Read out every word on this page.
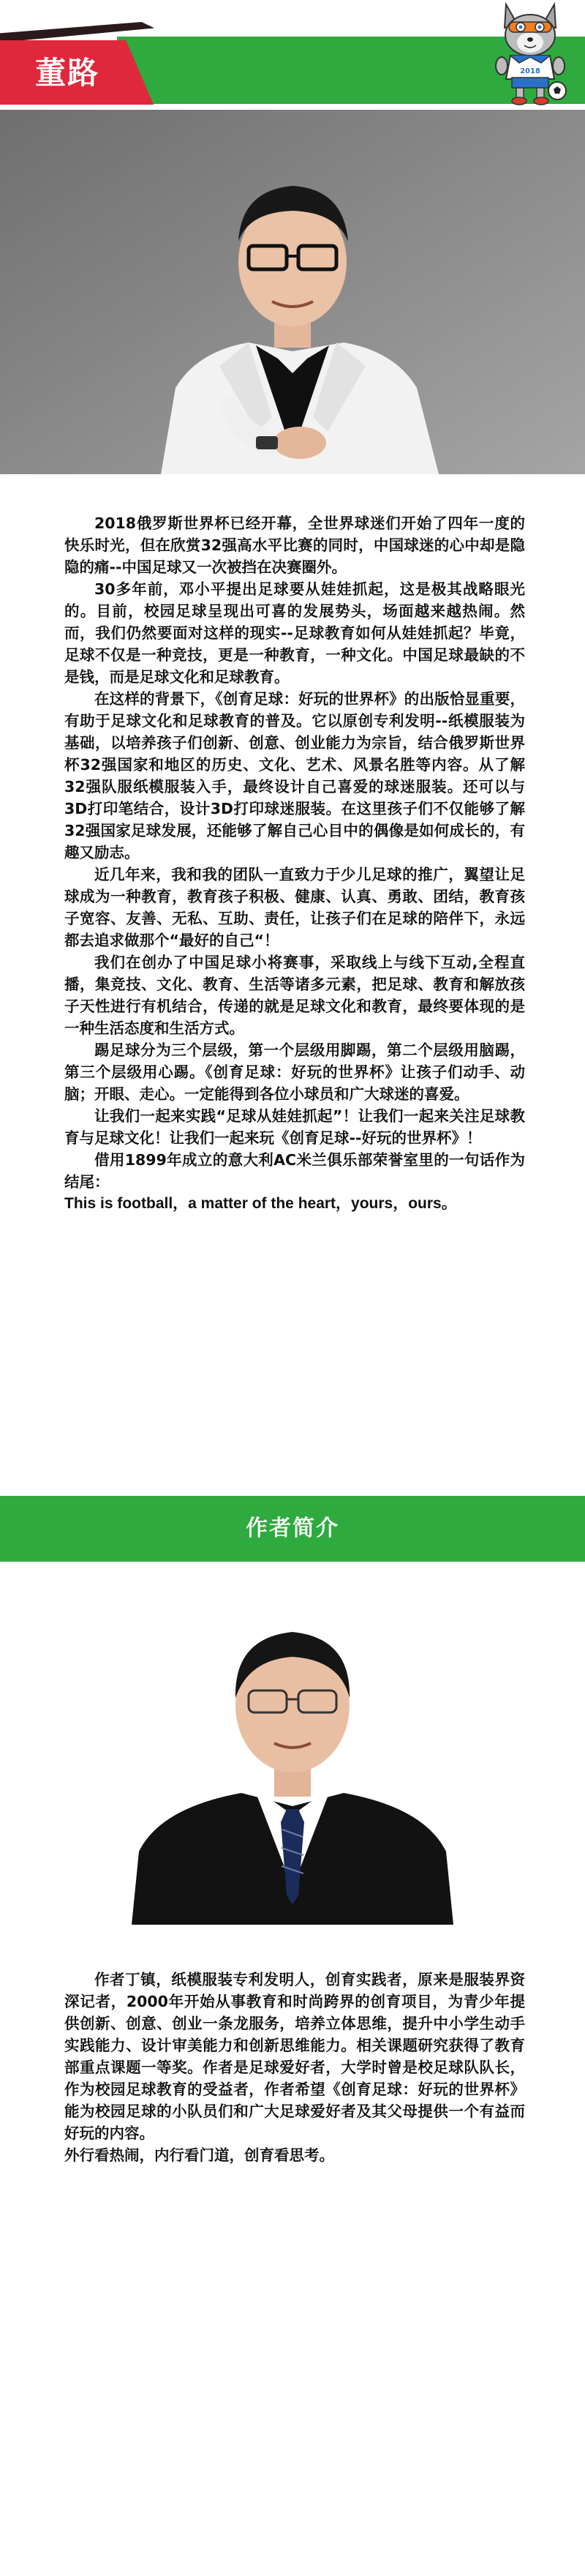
董路	2018

2018俄罗斯世界杯已经开幕，全世界球迷们开始了四年一度的快乐时光，但在欣赏32强高水平比赛的同时，中国球迷的心中却是隐隐的痛--中国足球又一次被挡在决赛圈外。

30多年前，邓小平提出足球要从娃娃抓起，这是极其战略眼光的。目前，校园足球呈现出可喜的发展势头，场面越来越热闹。然而，我们仍然要面对这样的现实--足球教育如何从娃娃抓起？毕竟，足球不仅是一种竞技，更是一种教育，一种文化。中国足球最缺的不是钱，而是足球文化和足球教育。

在这样的背景下，《创育足球：好玩的世界杯》的出版恰显重要，有助于足球文化和足球教育的普及。它以原创专利发明--纸模服装为基础，以培养孩子们创新、创意、创业能力为宗旨，结合俄罗斯世界杯32强国家和地区的历史、文化、艺术、风景名胜等内容。从了解32强队服纸模服装入手，最终设计自己喜爱的球迷服装。还可以与3D打印笔结合，设计3D打印球迷服装。在这里孩子们不仅能够了解32强国家足球发展，还能够了解自己心目中的偶像是如何成长的，有趣又励志。

近几年来，我和我的团队一直致力于少儿足球的推广，翼望让足球成为一种教育，教育孩子积极、健康、认真、勇敢、团结，教育孩子宽容、友善、无私、互助、责任，让孩子们在足球的陪伴下，永远都去追求做那个“最好的自己“！

我们在创办了中国足球小将赛事，采取线上与线下互动,全程直播，集竞技、文化、教育、生活等诸多元素，把足球、教育和解放孩子天性进行有机结合，传递的就是足球文化和教育，最终要体现的是一种生活态度和生活方式。

踢足球分为三个层级，第一个层级用脚踢，第二个层级用脑踢，第三个层级用心踢。《创育足球：好玩的世界杯》让孩子们动手、动脑；开眼、走心。一定能得到各位小球员和广大球迷的喜爱。

让我们一起来实践“足球从娃娃抓起”！让我们一起来关注足球教育与足球文化！让我们一起来玩《创育足球--好玩的世界杯》！

借用1899年成立的意大利AC米兰俱乐部荣誉室里的一句话作为结尾：

This is football，a matter of the heart，yours，ours。

作者简介

作者丁镇，纸模服装专利发明人，创育实践者，原来是服装界资深记者，2000年开始从事教育和时尚跨界的创育项目，为青少年提供创新、创意、创业一条龙服务，培养立体思维，提升中小学生动手实践能力、设计审美能力和创新思维能力。相关课题研究获得了教育部重点课题一等奖。作者是足球爱好者，大学时曾是校足球队队长，作为校园足球教育的受益者，作者希望《创育足球：好玩的世界杯》能为校园足球的小队员们和广大足球爱好者及其父母提供一个有益而好玩的内容。

外行看热闹，内行看门道，创育看思考。
